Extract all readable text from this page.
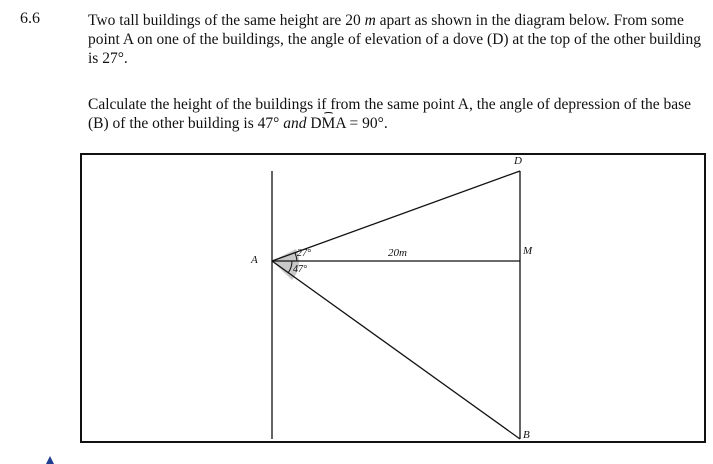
6.6	Two tall buildings of the same height are 20 m apart as shown in the diagram below. From some point A on one of the buildings, the angle of elevation of a dove (D) at the top of the other building is 27°.

Calculate the height of the buildings if from the same point A, the angle of depression of the base (B) of the other building is 47° and DMA = 90°.

D
A
M
B
20m
27°
47°
